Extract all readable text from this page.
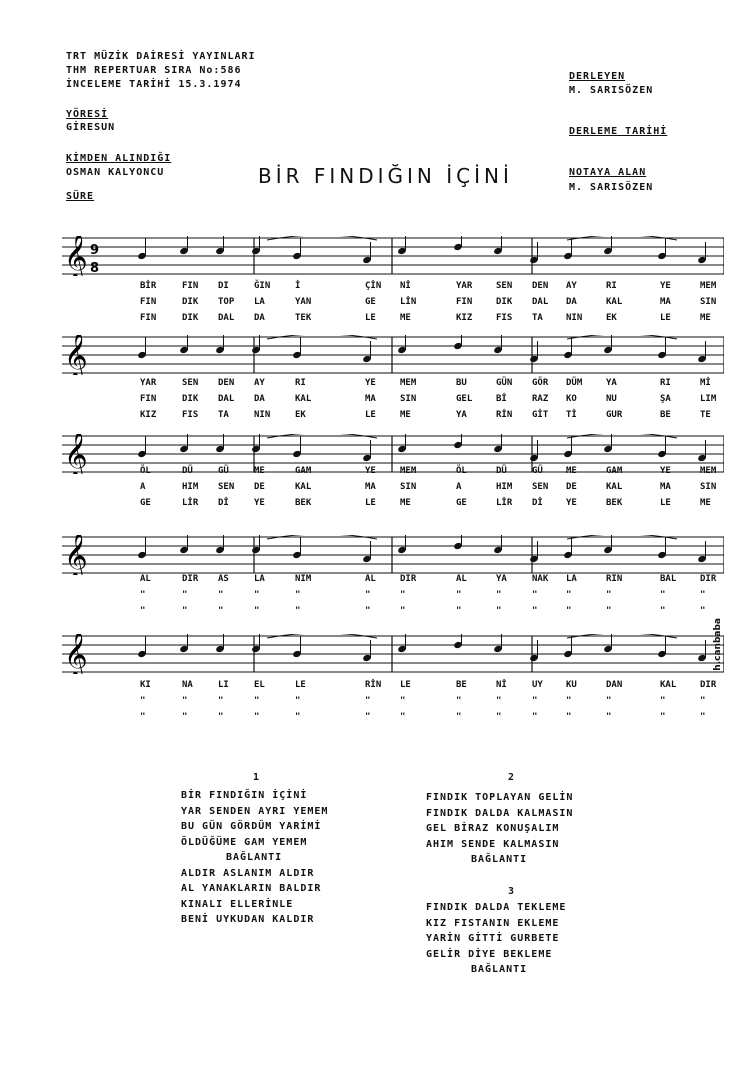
TRT MÜZİK DAİRESİ YAYINLARI
THM REPERTUAR SIRA No:586
İNCELEME TARİHİ 15.3.1974
YÖRESİ
GİRESUN
KİMDEN ALINDIĞI
OSMAN KALYONCU
SÜRE
DERLEYEN
M. SARISÖZEN
DERLEME TARİHİ
NOTAYA ALAN
M. SARISÖZEN
BİR FINDIĞIN İÇİNİ
𝄞 9
8
BİR	FIN DI	ĞIN	İ	ÇİN Nİ	YAR	SEN DEN AY	RI	YE	MEM
FIN	DIK TOP LA	YAN	GE	LİN	FIN	DIK DAL DA	KAL	MA	SIN
FIN	DIK DAL DA	TEK	LE	ME	KIZ	FIS TA	NIN	EK	LE	ME
𝄞
YAR	SEN DEN AY	RI	YE	MEM	BU	GÜN GÖR DÜM	YA	RI	Mİ
FIN	DIK DAL DA	KAL	MA	SIN	GEL	Bİ	RAZ KO	NU	ŞA	LIM
KIZ	FIS TA	NIN	EK	LE	ME	YA	RİN GİT Tİ	GUR	BE	TE
𝄞	ÖL	DÜ	GÜ	ME	GAM	YE	MEM	ÖL	DÜ	GÜ	ME	GAM	YE	MEM
A	HIM SEN DE	KAL	MA	SIN	A	HIM SEN DE	KAL	MA	SIN
GE	LİR Dİ	YE	BEK	LE	ME	GE	LİR Dİ	YE	BEK	LE	ME
𝄞	AL	DIR AS	LA	NIM	AL	DIR	AL	YA	NAK LA	RIN	BAL	DIR
"	"	"	"	"	"	"	"	"	"	"	"	"	"
"	"	"	"	"	"	"	"	"	"	"	"	"	"
𝄞
KI	NA	LI	EL	LE	RİN LE	BE	Nİ	UY	KU	DAN	KAL	DIR
"	"	"	"	"	"	"	"	"	"	"	"	"	"
"	"	"	"	"	"	"	"	"	"	"	"	"	"
h.canbaba
1
BİR FINDIĞIN İÇİNİ
YAR SENDEN AYRI YEMEM
BU GÜN GÖRDÜM YARİMİ
ÖLDÜĞÜME GAM YEMEM
BAĞLANTI
ALDIR ASLANIM ALDIR
AL YANAKLARIN BALDIR
KINALI ELLERİNLE
BENİ UYKUDAN KALDIR
2
FINDIK TOPLAYAN GELİN
FINDIK DALDA KALMASIN
GEL BİRAZ KONUŞALIM
AHIM SENDE KALMASIN
BAĞLANTI
3
FINDIK DALDA TEKLEME
KIZ FISTANIN EKLEME
YARİN GİTTİ GURBETE
GELİR DİYE BEKLEME
BAĞLANTI
